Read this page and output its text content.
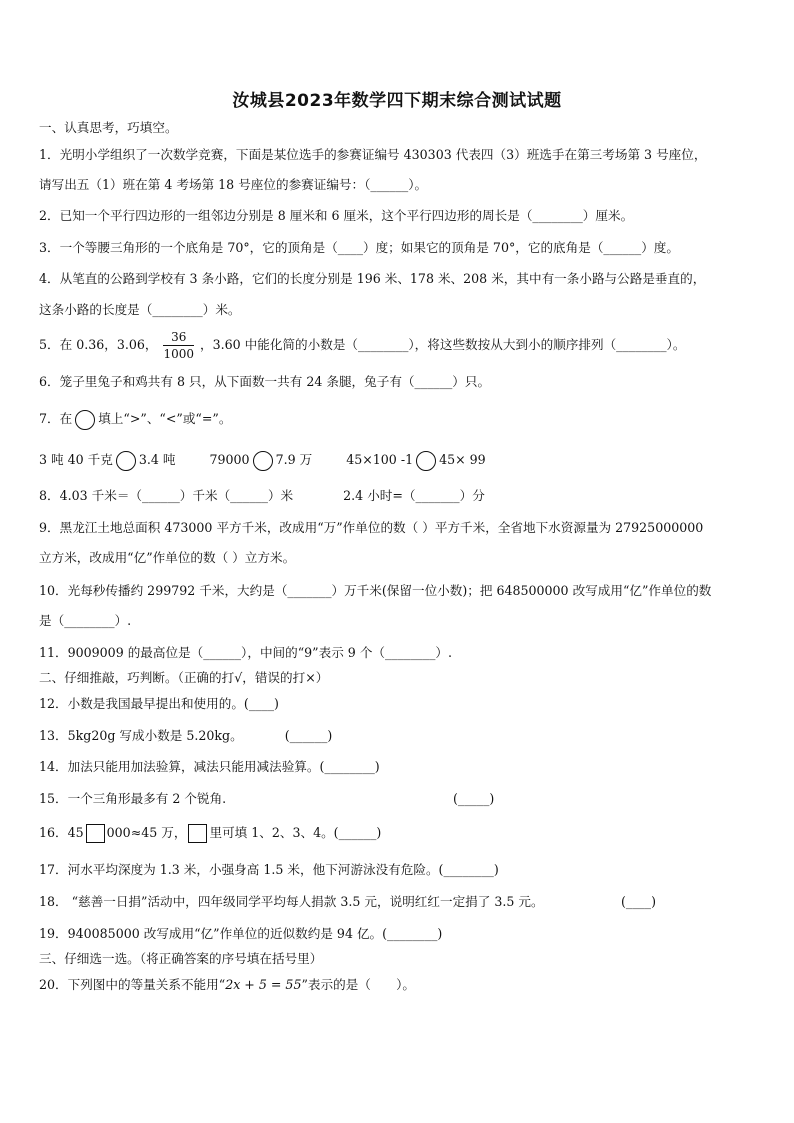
汝城县2023年数学四下期末综合测试试题
一、认真思考，巧填空。
1．光明小学组织了一次数学竞赛，下面是某位选手的参赛证编号 430303 代表四（3）班选手在第三考场第 3 号座位，
请写出五（1）班在第 4 考场第 18 号座位的参赛证编号：（______）。
2．已知一个平行四边形的一组邻边分别是 8 厘米和 6 厘米，这个平行四边形的周长是（________）厘米。
3．一个等腰三角形的一个底角是 70°，它的顶角是（____）度；如果它的顶角是 70°，它的底角是（______）度。
4．从笔直的公路到学校有 3 条小路，它们的长度分别是 196 米、178 米、208 米，其中有一条小路与公路是垂直的，
这条小路的长度是（________）米。
5．在 0.36，3.06， $\frac{36}{1000}$ ，3.60 中能化简的小数是（________），将这些数按从大到小的顺序排列（________）。
6．笼子里兔子和鸡共有 8 只，从下面数一共有 24 条腿，兔子有（______）只。
7．在 填上“>”、“<”或“=”。
3 吨 40 千克 3.4 吨	79000 7.9 万	45×100 -1 45× 99
8．4.03 千米＝（______）千米（______）米	2.4 小时=（_______）分
9．黑龙江土地总面积 473000 平方千米，改成用“万”作单位的数（ ）平方千米，全省地下水资源量为 27925000000
立方米，改成用“亿”作单位的数（ ）立方米。
10．光每秒传播约 299792 千米，大约是（_______）万千米(保留一位小数)；把 648500000 改写成用“亿”作单位的数
是（________）.
11．9009009 的最高位是（______），中间的“9”表示 9 个（________）.
二、仔细推敲，巧判断。（正确的打√，错误的打×）
12．小数是我国最早提出和使用的。(____)
13．5kg20g 写成小数是 5.20kg。	(______)
14．加法只能用加法验算，减法只能用减法验算。(________)
15．一个三角形最多有 2 个锐角.	(_____)
16．45 000≈45 万， 里可填 1、2、3、4。(______)
17．河水平均深度为 1.3 米，小强身高 1.5 米，他下河游泳没有危险。(________)
18． “慈善一日捐”活动中，四年级同学平均每人捐款 3.5 元，说明红红一定捐了 3.5 元。	(____)
19．940085000 改写成用“亿”作单位的近似数约是 94 亿。(________)
三、仔细选一选。（将正确答案的序号填在括号里）
20．下列图中的等量关系不能用“2x + 5 = 55”表示的是（　　）。
